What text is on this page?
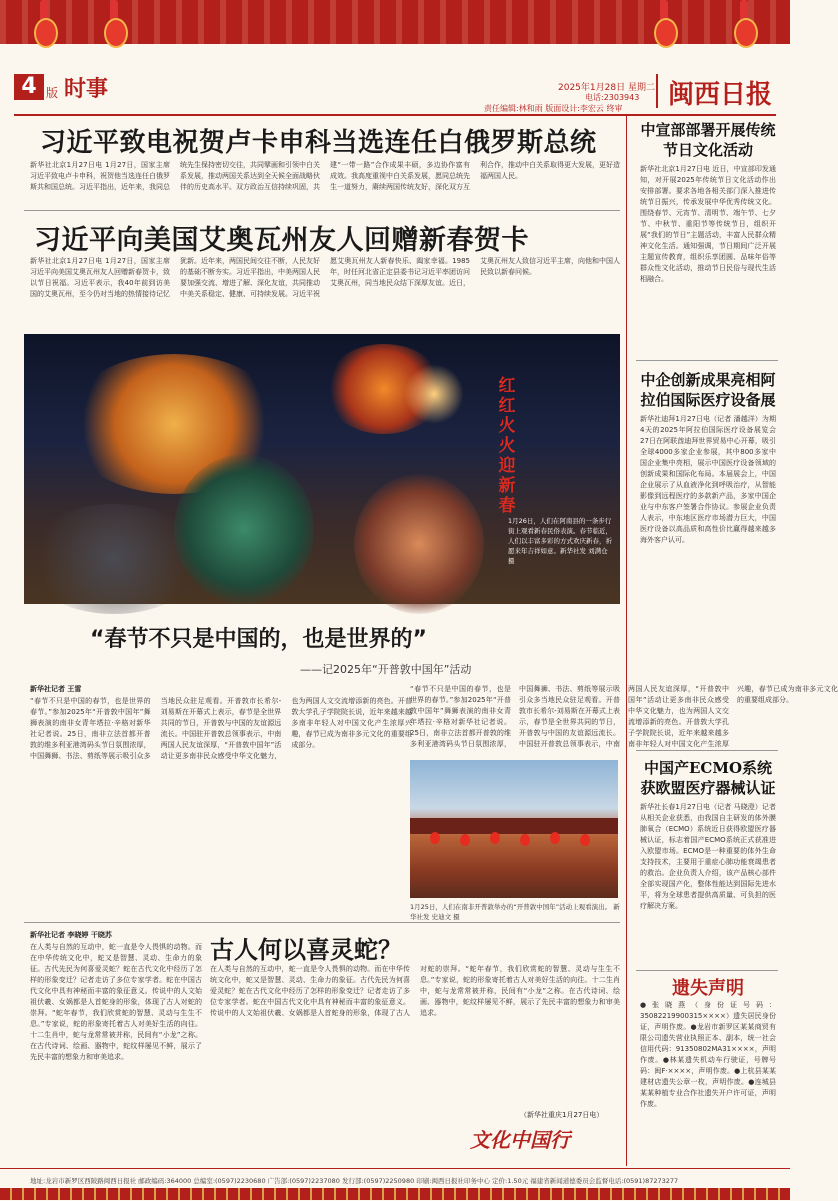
4 版 时事	2025年1月28日 星期二
电话:2303943
责任编辑:林和雨 版面设计:李宏云 终审	闽西日报
习近平致电祝贺卢卡申科当选连任白俄罗斯总统
新华社北京1月27日电 1月27日，国家主席习近平致电卢卡申科，祝贺他当选连任白俄罗斯共和国总统。习近平指出，近年来，我同总统先生保持密切交往，共同擘画和引领中白关系发展，推动两国关系达到全天候全面战略伙伴的历史高水平。双方政治互信持续巩固，共建“一带一路”合作成果丰硕，多边协作富有成效。我高度重视中白关系发展，愿同总统先生一道努力，赓续两国传统友好，深化双方互利合作，推动中白关系取得更大发展，更好造福两国人民。
习近平向美国艾奥瓦州友人回赠新春贺卡
新华社北京1月27日电 1月27日，国家主席习近平向美国艾奥瓦州友人回赠新春贺卡，致以节日祝福。习近平表示，我40年前到访美国的艾奥瓦州，至今仍对当地的热情接待记忆犹新。近年来，两国民间交往不断，人民友好的基础不断夯实。习近平指出，中美两国人民要加强交流、增进了解、深化友谊，共同推动中美关系稳定、健康、可持续发展。习近平祝愿艾奥瓦州友人新春快乐、阖家幸福。1985年，时任河北省正定县委书记习近平率团访问艾奥瓦州，同当地民众结下深厚友谊。近日，艾奥瓦州友人致信习近平主席，向他和中国人民致以新春问候。
红红火火迎新春
1月26日，人们在阿南县的一条步行街上观看新春民俗表演。春节临近，人们以丰富多彩的方式欢庆新春，祈愿来年吉祥如意。新华社发 刘满仓 摄
“春节不只是中国的，也是世界的”
——记2025年“开普敦中国年”活动
新华社记者 王雷
“春节不只是中国的春节，也是世界的春节。”参加2025年“开普敦中国年”舞狮表演的南非女青年塔拉·辛格对新华社记者说。25日，南非立法首都开普敦的维多利亚港湾码头节日氛围浓厚，中国舞狮、书法、剪纸等展示吸引众多当地民众驻足观看。开普敦市长希尔-刘易斯在开幕式上表示，春节是全世界共同的节日，开普敦与中国的友谊源远流长。中国驻开普敦总领事表示，中南两国人民友谊深厚，“开普敦中国年”活动让更多南非民众感受中华文化魅力，也为两国人文交流增添新的亮色。开普敦大学孔子学院院长说，近年来越来越多南非年轻人对中国文化产生浓厚兴趣，春节已成为南非多元文化的重要组成部分。
“春节不只是中国的春节，也是世界的春节。”参加2025年“开普敦中国年”舞狮表演的南非女青年塔拉·辛格对新华社记者说。25日，南非立法首都开普敦的维多利亚港湾码头节日氛围浓厚，中国舞狮、书法、剪纸等展示吸引众多当地民众驻足观看。开普敦市长希尔-刘易斯在开幕式上表示，春节是全世界共同的节日，开普敦与中国的友谊源远流长。中国驻开普敦总领事表示，中南两国人民友谊深厚，“开普敦中国年”活动让更多南非民众感受中华文化魅力，也为两国人文交流增添新的亮色。开普敦大学孔子学院院长说，近年来越来越多南非年轻人对中国文化产生浓厚兴趣，春节已成为南非多元文化的重要组成部分。
1月25日，人们在南非开普敦举办的“开普敦中国年”活动上观看演出。 新华社发 史迪文 摄
新华社记者 李晓婷 干晓苏
在人类与自然的互动中，蛇一直是令人畏惧的动物。而在中华传统文化中，蛇又是智慧、灵动、生命力的象征。古代先民为何喜爱灵蛇？蛇在古代文化中经历了怎样的形象变迁？记者走访了多位专家学者。蛇在中国古代文化中具有神秘而丰富的象征意义。传说中的人文始祖伏羲、女娲都是人首蛇身的形象，体现了古人对蛇的崇拜。“蛇年春节，我们欣赏蛇的智慧、灵动与生生不息。”专家说，蛇的形象寄托着古人对美好生活的向往。十二生肖中，蛇与龙常常被并称，民间有“小龙”之称。在古代诗词、绘画、器物中，蛇纹样屡见不鲜，展示了先民丰富的想象力和审美追求。
古人何以喜灵蛇？
在人类与自然的互动中，蛇一直是令人畏惧的动物。而在中华传统文化中，蛇又是智慧、灵动、生命力的象征。古代先民为何喜爱灵蛇？蛇在古代文化中经历了怎样的形象变迁？记者走访了多位专家学者。蛇在中国古代文化中具有神秘而丰富的象征意义。传说中的人文始祖伏羲、女娲都是人首蛇身的形象，体现了古人对蛇的崇拜。“蛇年春节，我们欣赏蛇的智慧、灵动与生生不息。”专家说，蛇的形象寄托着古人对美好生活的向往。十二生肖中，蛇与龙常常被并称，民间有“小龙”之称。在古代诗词、绘画、器物中，蛇纹样屡见不鲜，展示了先民丰富的想象力和审美追求。
（新华社重庆1月27日电）
文化中国行
中宣部部署开展传统节日文化活动
新华社北京1月27日电 近日，中宣部印发通知，对开展2025年传统节日文化活动作出安排部署。要求各地各相关部门深入推进传统节日振兴，传承发展中华优秀传统文化。围绕春节、元宵节、清明节、端午节、七夕节、中秋节、重阳节等传统节日，组织开展“我们的节日”主题活动，丰富人民群众精神文化生活。通知强调，节日期间广泛开展主题宣传教育，组织乐享团圆、品味年俗等群众性文化活动，推动节日民俗与现代生活相融合。
中企创新成果亮相阿拉伯国际医疗设备展
新华社迪拜1月27日电（记者 潘越洋）为期4天的2025年阿拉伯国际医疗设备展览会27日在阿联酋迪拜世界贸易中心开幕，吸引全球4000多家企业参展，其中800多家中国企业集中亮相，展示中国医疗设备领域的创新成果和国际化布局。本届展会上，中国企业展示了从血液净化到呼吸治疗，从智能影像到远程医疗的多款新产品，多家中国企业与中东客户签署合作协议。参展企业负责人表示，中东地区医疗市场潜力巨大，中国医疗设备以高品质和高性价比赢得越来越多海外客户认可。
中国产ECMO系统获欧盟医疗器械认证
新华社长春1月27日电（记者 马晓澄）记者从相关企业获悉，由我国自主研发的体外膜肺氧合（ECMO）系统近日获得欧盟医疗器械认证，标志着国产ECMO系统正式获准进入欧盟市场。ECMO是一种重要的体外生命支持技术，主要用于重症心肺功能衰竭患者的救治。企业负责人介绍，该产品核心部件全部实现国产化，整体性能达到国际先进水平，将为全球患者提供高质量、可负担的医疗解决方案。
遗失声明
●张晓燕（身份证号码：35082219900315××××）遗失居民身份证，声明作废。●龙岩市新罗区某某商贸有限公司遗失营业执照正本、副本，统一社会信用代码：91350802MA31××××，声明作废。●林某遗失机动车行驶证，号牌号码：闽F·××××，声明作废。●上杭县某某建材店遗失公章一枚，声明作废。●连城县某某种植专业合作社遗失开户许可证，声明作废。
地址:龙岩市新罗区西陂路闽西日报社 邮政编码:364000 总编室:(0597)2230680 广告部:(0597)2237080 发行部:(0597)2250980 印刷:闽西日报社印务中心 定价:1.50元 福建省新闻道德委员会监督电话:(0591)87273277
